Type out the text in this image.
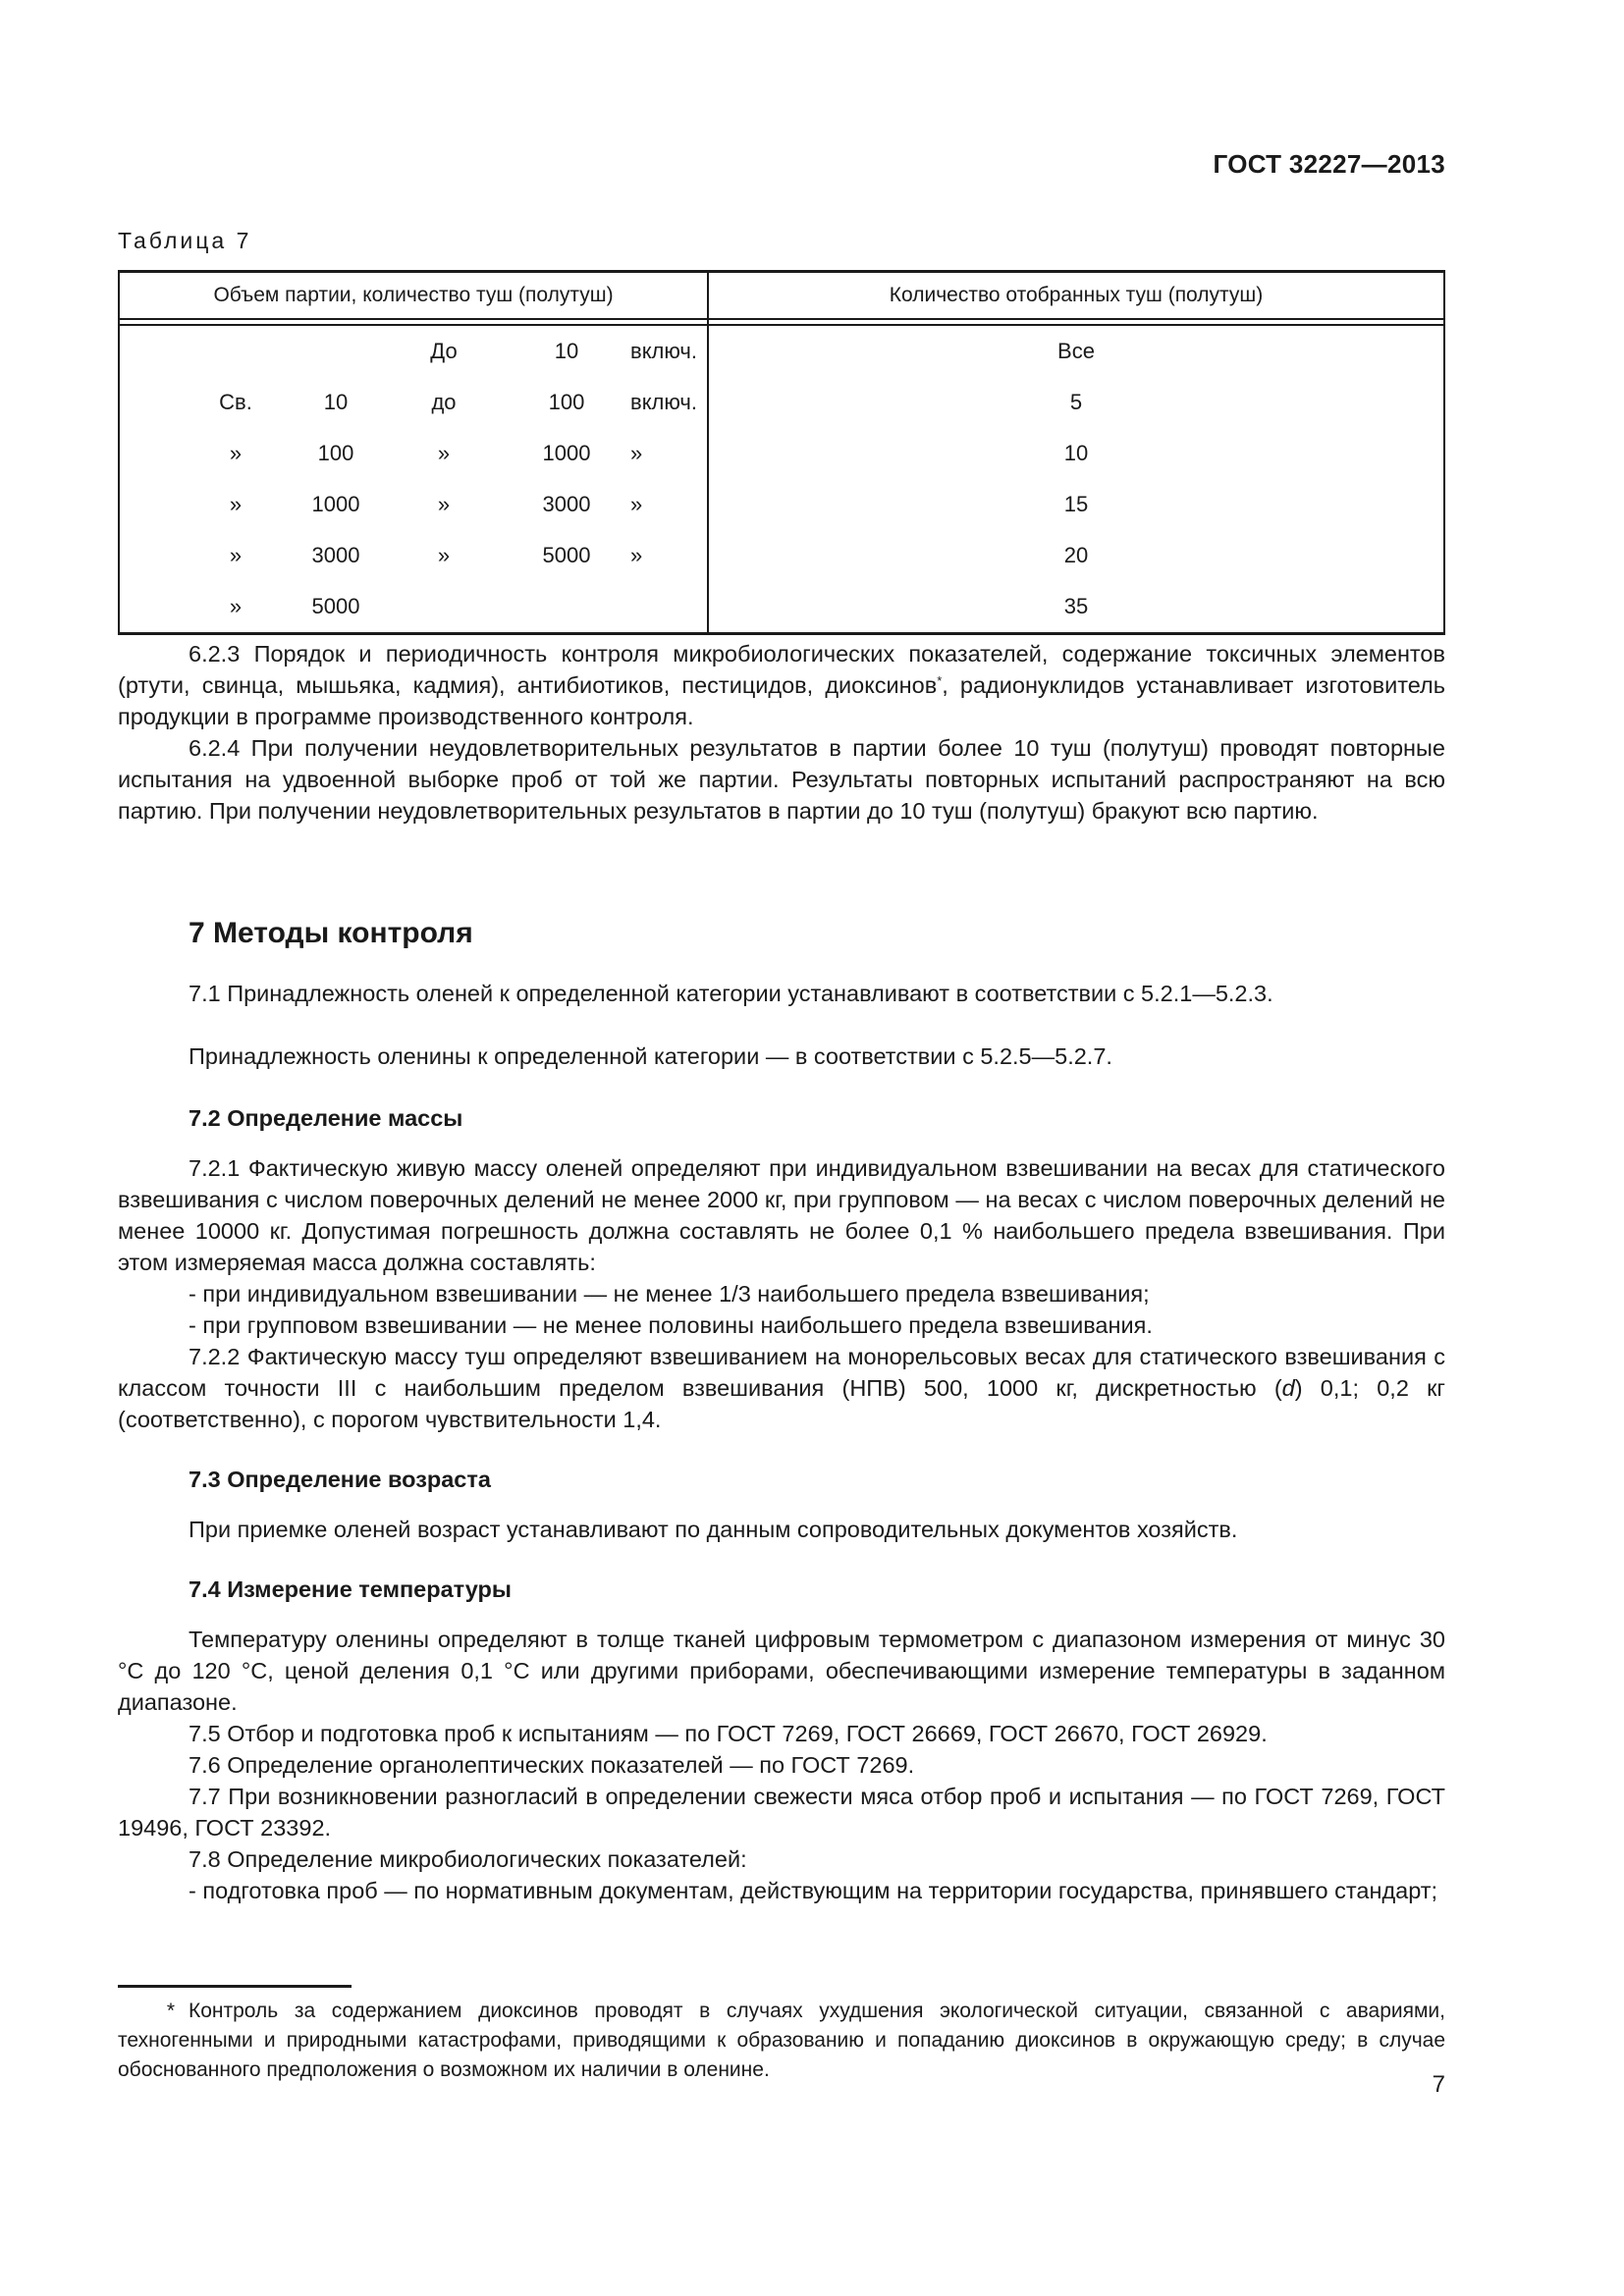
ГОСТ 32227—2013
Таблица 7
Объем партии, количество туш (полутуш)	Количество отобранных туш (полутуш)

До 10 включ.	Все

Св. 10 до 100 включ.	5

» 100 » 1000 »	10

» 1000 » 3000 »	15

» 3000 » 5000 »	20

» 5000	35
6.2.3 Порядок и периодичность контроля микробиологических показателей, содержание токсичных элементов (ртути, свинца, мышьяка, кадмия), антибиотиков, пестицидов, диоксинов*, радионуклидов устанавливает изготовитель продукции в программе производственного контроля.
6.2.4 При получении неудовлетворительных результатов в партии более 10 туш (полутуш) проводят повторные испытания на удвоенной выборке проб от той же партии. Результаты повторных испытаний распространяют на всю партию. При получении неудовлетворительных результатов в партии до 10 туш (полутуш) бракуют всю партию.
7 Методы контроля
7.1 Принадлежность оленей к определенной категории устанавливают в соответствии с 5.2.1—5.2.3.
Принадлежность оленины к определенной категории — в соответствии с 5.2.5—5.2.7.
7.2 Определение массы
7.2.1 Фактическую живую массу оленей определяют при индивидуальном взвешивании на весах для статического взвешивания с числом поверочных делений не менее 2000 кг, при групповом — на весах с числом поверочных делений не менее 10000 кг. Допустимая погрешность должна составлять не более 0,1 % наибольшего предела взвешивания. При этом измеряемая масса должна составлять:
- при индивидуальном взвешивании — не менее 1/3 наибольшего предела взвешивания;
- при групповом взвешивании — не менее половины наибольшего предела взвешивания.
7.2.2 Фактическую массу туш определяют взвешиванием на монорельсовых весах для статического взвешивания с классом точности III с наибольшим пределом взвешивания (НПВ) 500, 1000 кг, дискретностью (d) 0,1; 0,2 кг (соответственно), с порогом чувствительности 1,4.
7.3 Определение возраста
При приемке оленей возраст устанавливают по данным сопроводительных документов хозяйств.
7.4 Измерение температуры
Температуру оленины определяют в толще тканей цифровым термометром с диапазоном измерения от минус 30 °С до 120 °С, ценой деления 0,1 °С или другими приборами, обеспечивающими измерение температуры в заданном диапазоне.
7.5 Отбор и подготовка проб к испытаниям — по ГОСТ 7269, ГОСТ 26669, ГОСТ 26670, ГОСТ 26929.
7.6 Определение органолептических показателей — по ГОСТ 7269.
7.7 При возникновении разногласий в определении свежести мяса отбор проб и испытания — по ГОСТ 7269, ГОСТ 19496, ГОСТ 23392.
7.8 Определение микробиологических показателей:
- подготовка проб — по нормативным документам, действующим на территории государства, принявшего стандарт;
* Контроль за содержанием диоксинов проводят в случаях ухудшения экологической ситуации, связанной с авариями, техногенными и природными катастрофами, приводящими к образованию и попаданию диоксинов в окружающую среду; в случае обоснованного предположения о возможном их наличии в оленине.
7
